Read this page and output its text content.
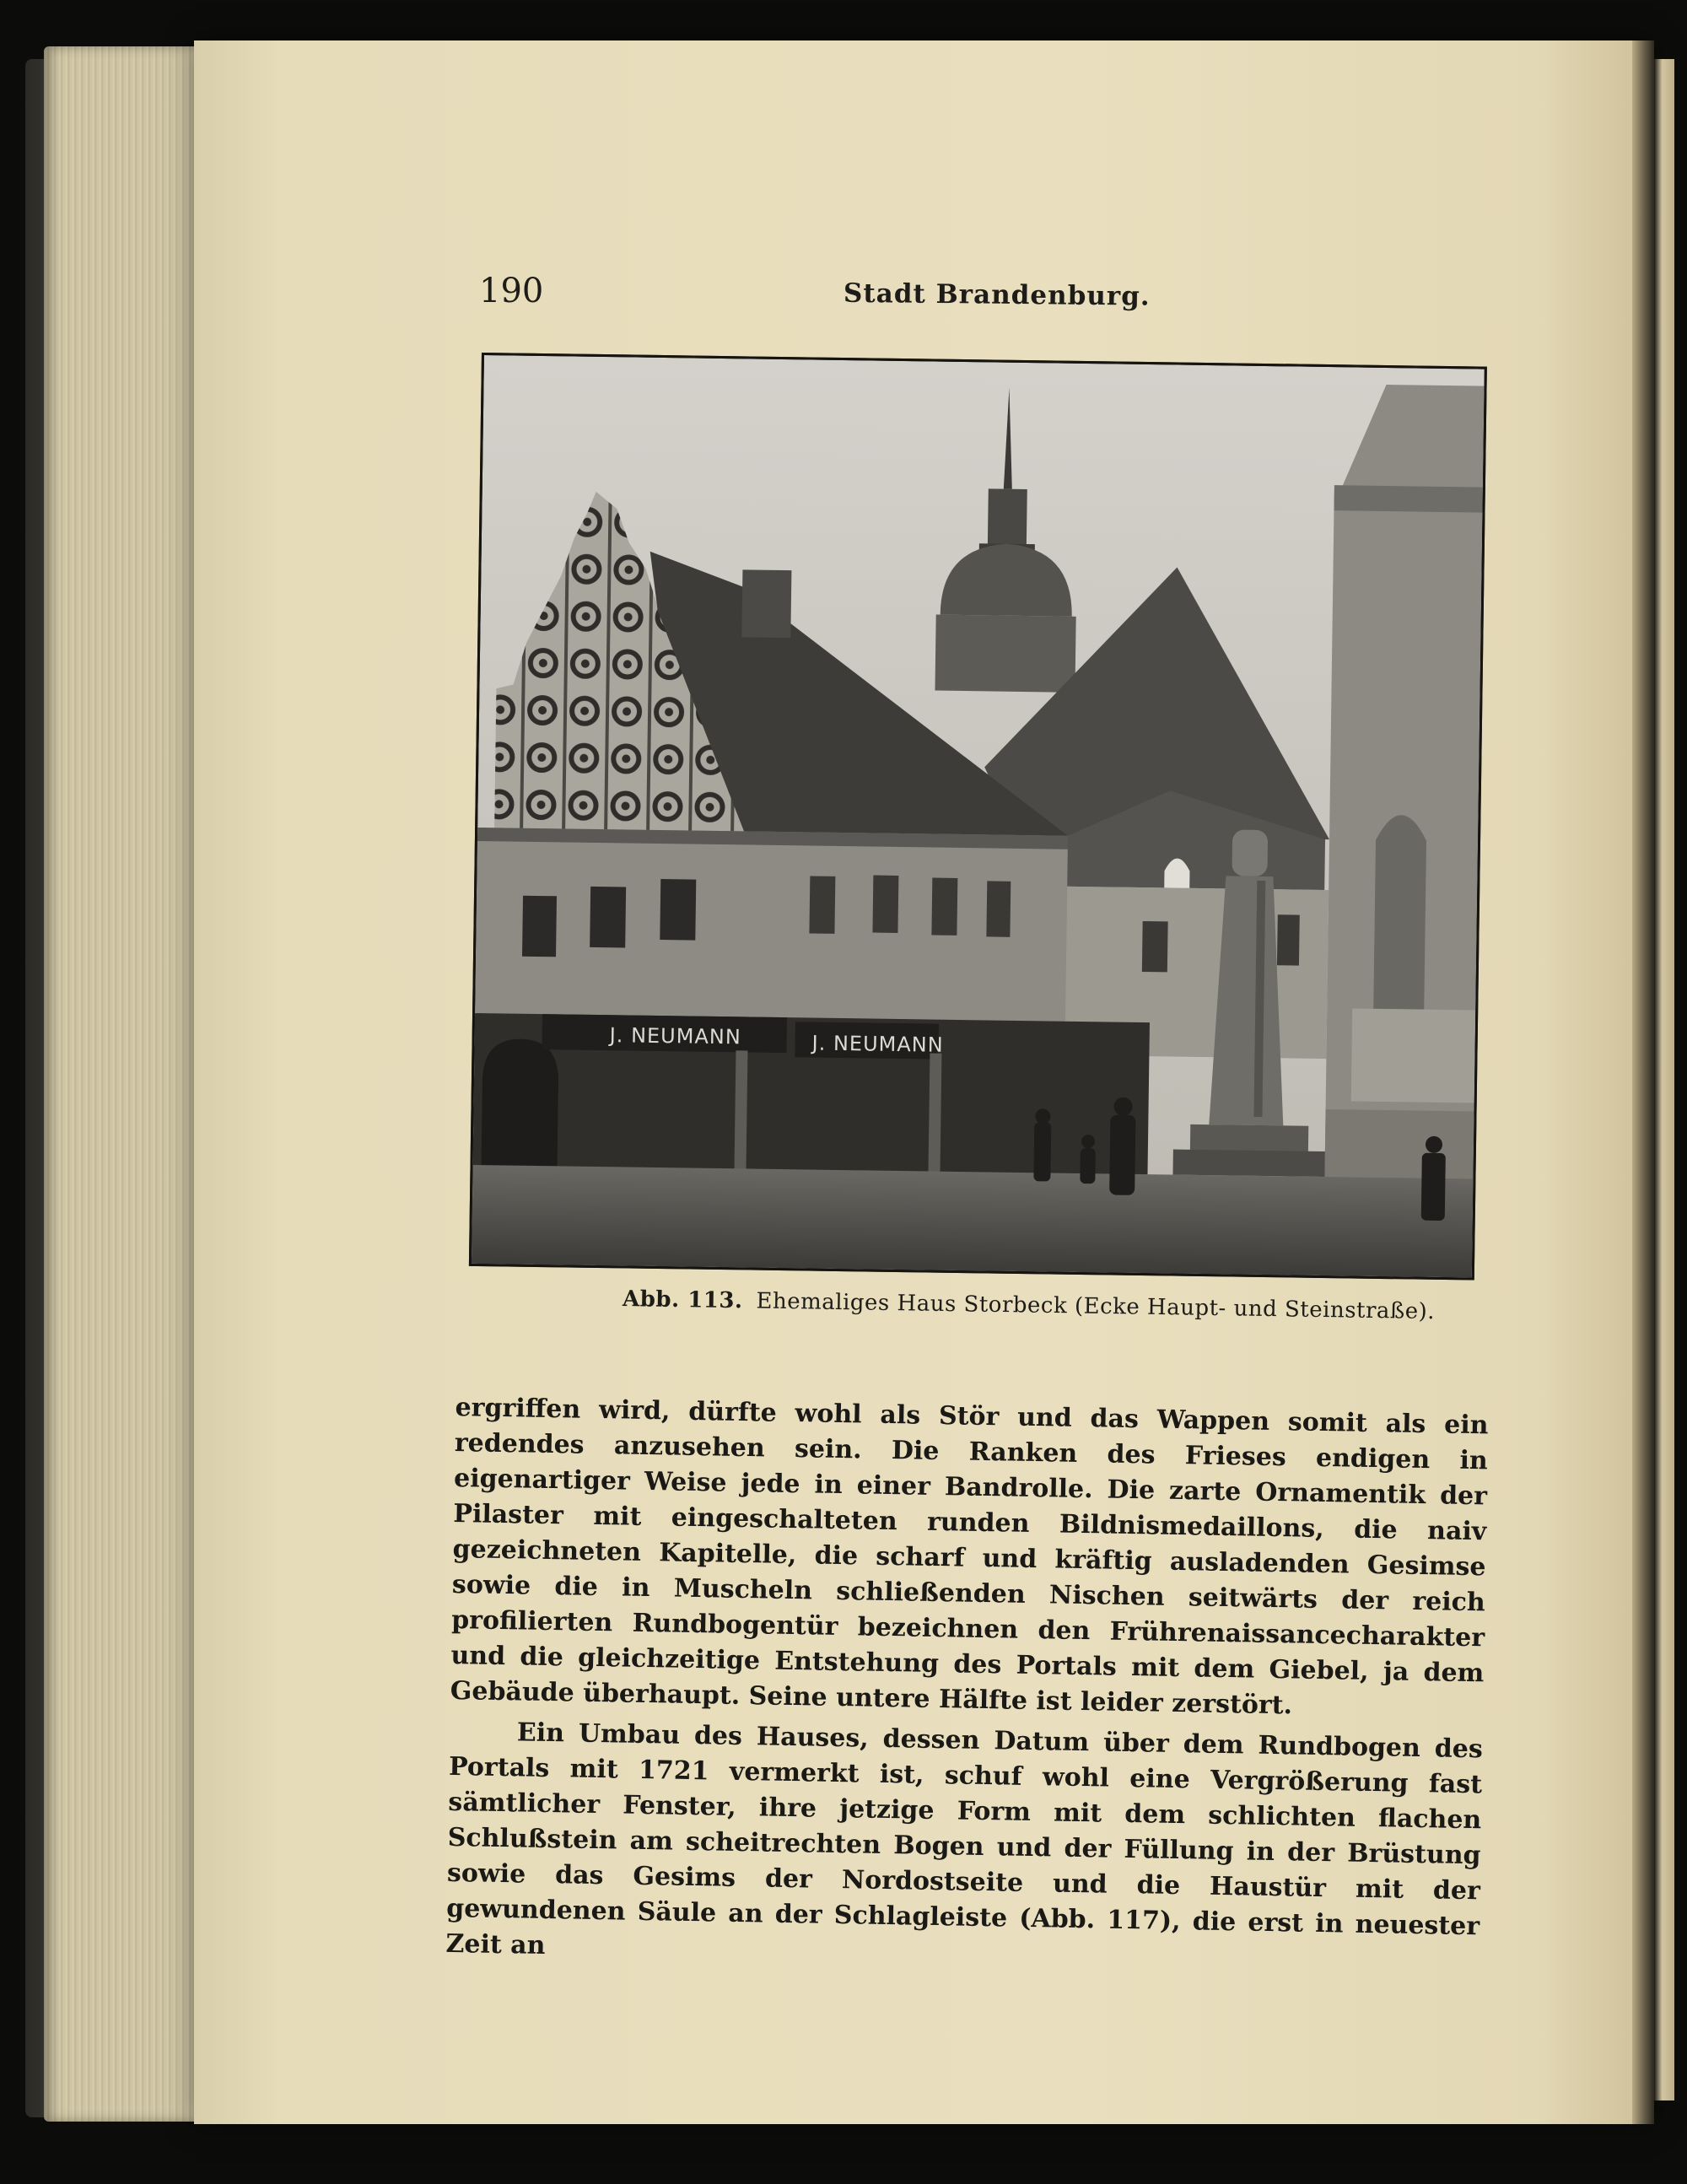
190	Stadt Brandenburg.
J. NEUMANN	J. NEUMANN
Abb. 113. Ehemaliges Haus Storbeck (Ecke Haupt- und Steinstraße).

ergriffen wird, dürfte wohl als Stör und das Wappen somit als ein redendes anzusehen sein. Die Ranken des Frieses endigen in eigenartiger Weise jede in einer Bandrolle. Die zarte Ornamentik der Pilaster mit eingeschalteten runden Bildnismedaillons, die naiv gezeichneten Kapitelle, die scharf und kräftig ausladenden Gesimse sowie die in Muscheln schließenden Nischen seitwärts der reich profilierten Rundbogentür bezeichnen den Frührenaissancecharakter und die gleichzeitige Entstehung des Portals mit dem Giebel, ja dem Gebäude überhaupt. Seine untere Hälfte ist leider zerstört.

Ein Umbau des Hauses, dessen Datum über dem Rundbogen des Portals mit 1721 vermerkt ist, schuf wohl eine Vergrößerung fast sämtlicher Fenster, ihre jetzige Form mit dem schlichten flachen Schlußstein am scheitrechten Bogen und der Füllung in der Brüstung sowie das Gesims der Nordostseite und die Haustür mit der gewundenen Säule an der Schlagleiste (Abb. 117), die erst in neuester Zeit an
